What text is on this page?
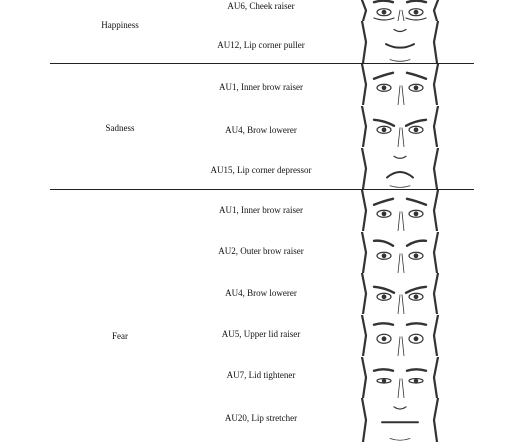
Happiness
AU6, Cheek raiser
AU12, Lip corner puller
Sadness
AU1, Inner brow raiser
AU4, Brow lowerer
AU15, Lip corner depressor
Fear
AU1, Inner brow raiser
AU2, Outer brow raiser
AU4, Brow lowerer
AU5, Upper lid raiser
AU7, Lid tightener
AU20, Lip stretcher
